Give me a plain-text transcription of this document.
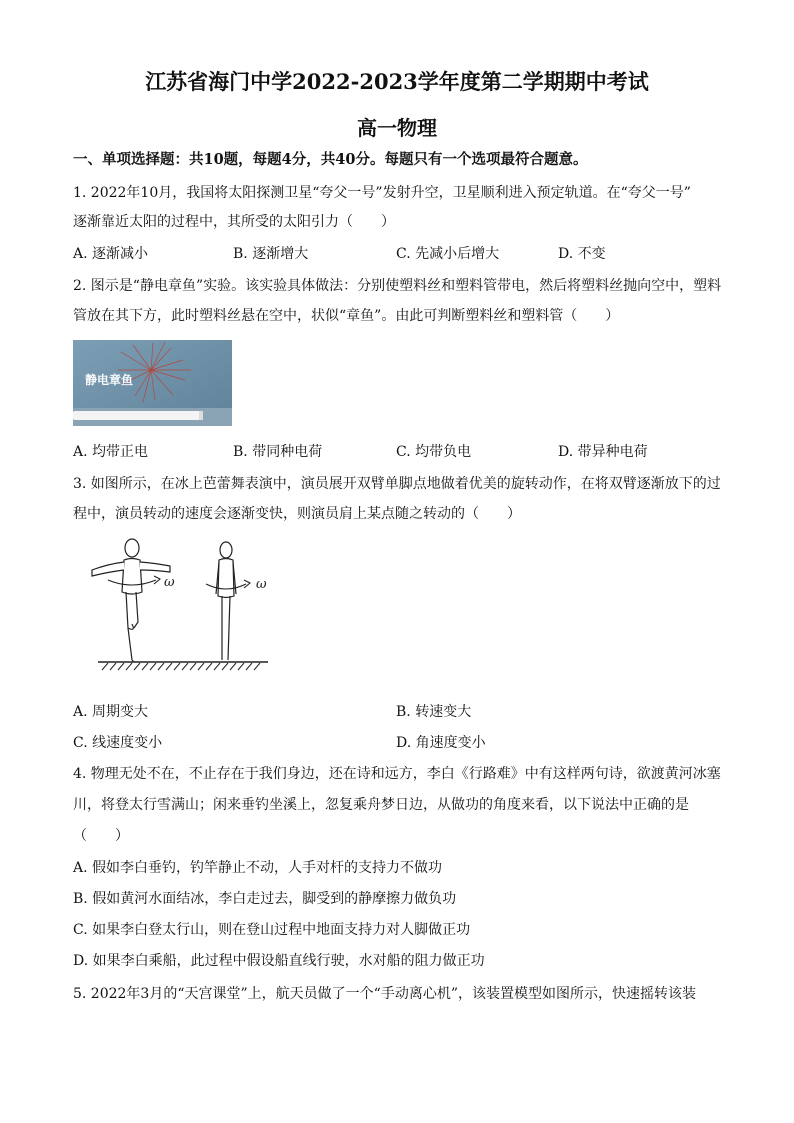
江苏省海门中学2022-2023学年度第二学期期中考试
高一物理
一、单项选择题：共10题，每题4分，共40分。每题只有一个选项最符合题意。
1. 2022年10月，我国将太阳探测卫星“夸父一号”发射升空，卫星顺利进入预定轨道。在“夸父一号”
逐渐靠近太阳的过程中，其所受的太阳引力（　　）
A. 逐渐减小	B. 逐渐增大	C. 先减小后增大	D. 不变
2. 图示是“静电章鱼”实验。该实验具体做法：分别使塑料丝和塑料管带电，然后将塑料丝抛向空中，塑料
管放在其下方，此时塑料丝悬在空中，状似“章鱼”。由此可判断塑料丝和塑料管（　　）
静电章鱼
A. 均带正电	B. 带同种电荷	C. 均带负电	D. 带异种电荷
3. 如图所示，在冰上芭蕾舞表演中，演员展开双臂单脚点地做着优美的旋转动作，在将双臂逐渐放下的过
程中，演员转动的速度会逐渐变快，则演员肩上某点随之转动的（　　）
ω	ω
A. 周期变大	B. 转速变大
C. 线速度变小	D. 角速度变小
4. 物理无处不在，不止存在于我们身边，还在诗和远方，李白《行路难》中有这样两句诗，欲渡黄河冰塞
川，将登太行雪满山；闲来垂钓坐溪上，忽复乘舟梦日边，从做功的角度来看，以下说法中正确的是
（　　）
A. 假如李白垂钓，钓竿静止不动，人手对杆的支持力不做功
B. 假如黄河水面结冰，李白走过去，脚受到的静摩擦力做负功
C. 如果李白登太行山，则在登山过程中地面支持力对人脚做正功
D. 如果李白乘船，此过程中假设船直线行驶，水对船的阻力做正功
5. 2022年3月的“天宫课堂”上，航天员做了一个“手动离心机”，该装置模型如图所示，快速摇转该装
